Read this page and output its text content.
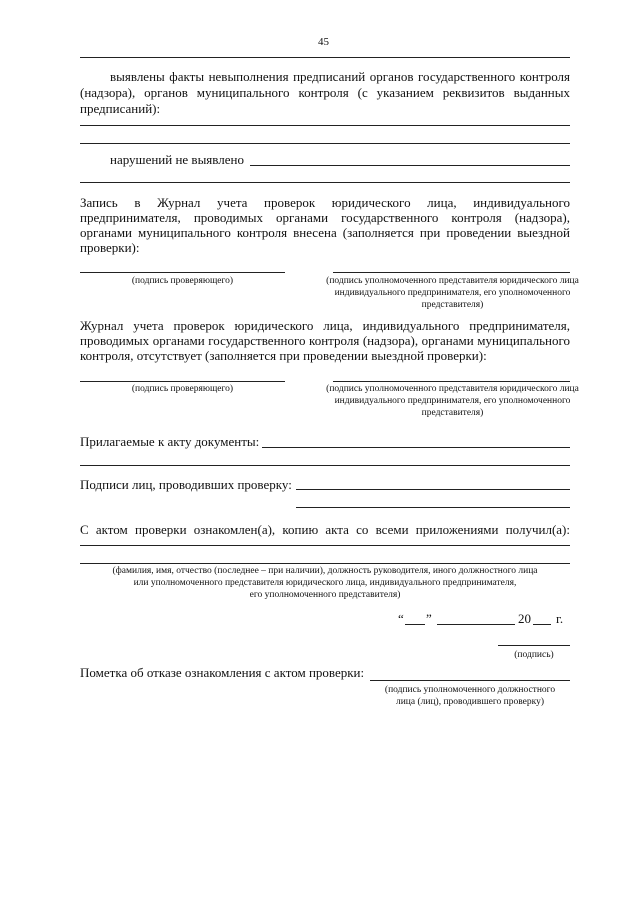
45
выявлены факты невыполнения предписаний органов государственного контроля
(надзора), органов муниципального контроля (с указанием реквизитов выданных
предписаний):
нарушений не выявлено
Запись в Журнал учета проверок юридического лица, индивидуального
предпринимателя, проводимых органами государственного контроля (надзора),
органами муниципального контроля внесена (заполняется при проведении выездной
проверки):
(подпись проверяющего)	(подпись уполномоченного представителя юридического лица
индивидуального предпринимателя, его уполномоченного
представителя)
Журнал учета проверок юридического лица, индивидуального предпринимателя,
проводимых органами государственного контроля (надзора), органами муниципального
контроля, отсутствует (заполняется при проведении выездной проверки):
(подпись проверяющего)	(подпись уполномоченного представителя юридического лица
индивидуального предпринимателя, его уполномоченного
представителя)
Прилагаемые к акту документы:
Подписи лиц, проводивших проверку:
С актом проверки ознакомлен(а), копию акта со всеми приложениями получил(а):
(фамилия, имя, отчество (последнее – при наличии), должность руководителя, иного должностного лица
или уполномоченного представителя юридического лица, индивидуального предпринимателя,
его уполномоченного представителя)
“ ”	20 г.
(подпись)
Пометка об отказе ознакомления с актом проверки:
(подпись уполномоченного должностного
лица (лиц), проводившего проверку)
